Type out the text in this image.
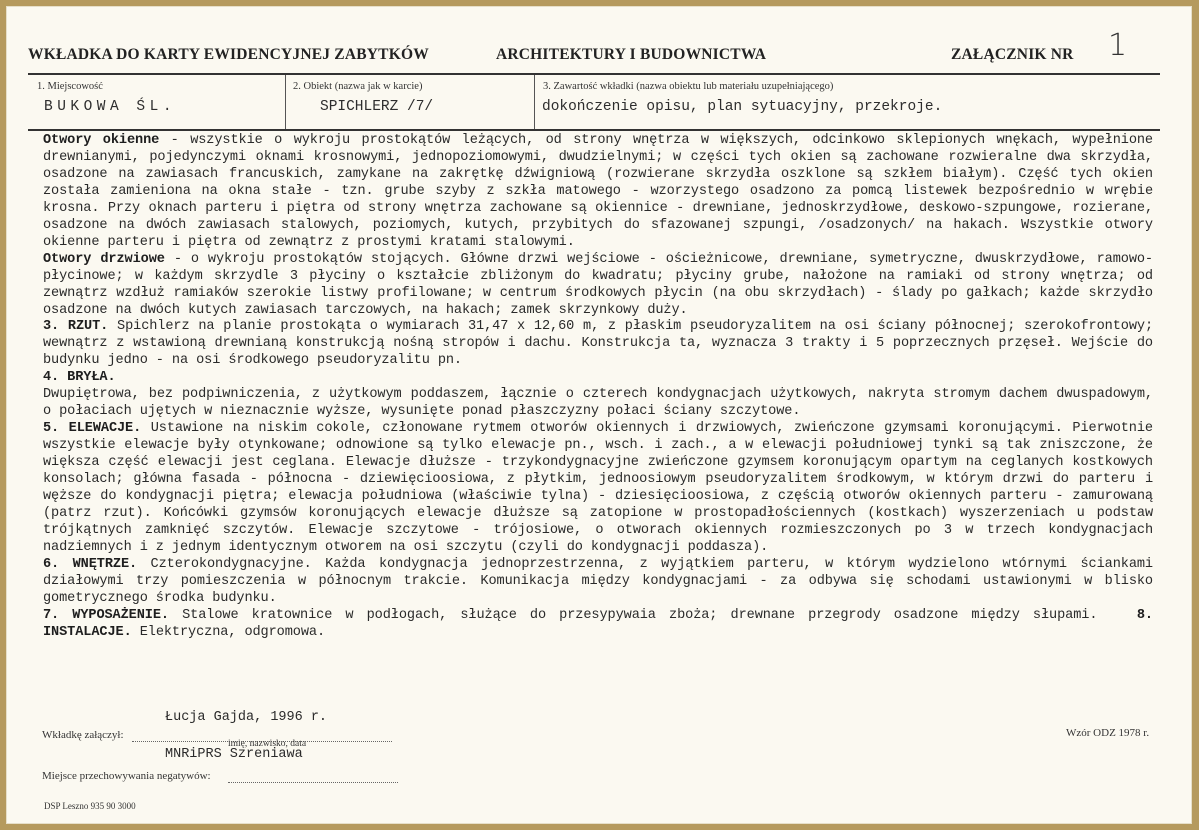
WKŁADKA DO KARTY EWIDENCYJNEJ ZABYTKÓW	ARCHITEKTURY I BUDOWNICTWA	ZAŁĄCZNIK NR 1
1. Miejscowość
BUKOWA ŚL.
2. Obiekt (nazwa jak w karcie)
SPICHLERZ /7/
3. Zawartość wkładki (nazwa obiektu lub materiału uzupełniającego)
dokończenie opisu, plan sytuacyjny, przekroje.

Otwory okienne - wszystkie o wykroju prostokątów leżących, od strony wnętrza w większych, odcinkowo sklepionych wnękach, wypełnione drewnianymi, pojedynczymi oknami krosnowymi, jednopoziomowymi, dwudzielnymi; w części tych okien są zachowane rozwieralne dwa skrzydła, osadzone na zawiasach francuskich, zamykane na zakrętkę dźwigniową (rozwierane skrzydła oszklone są szkłem białym). Część tych okien została zamieniona na okna stałe - tzn. grube szyby z szkła matowego - wzorzystego osadzono za pomcą listewek bezpośrednio w wrębie krosna. Przy oknach parteru i piętra od strony wnętrza zachowane są okiennice - drewniane, jednoskrzydłowe, deskowo-szpungowe, rozierane, osadzone na dwóch zawiasach stalowych, poziomych, kutych, przybitych do sfazowanej szpungi, /osadzonych/ na hakach. Wszystkie otwory okienne parteru i piętra od zewnątrz z prostymi kratami stalowymi.

Otwory drzwiowe - o wykroju prostokątów stojących. Główne drzwi wejściowe - ościeżnicowe, drewniane, symetryczne, dwuskrzydłowe, ramowo-płycinowe; w każdym skrzydle 3 płyciny o kształcie zbliżonym do kwadratu; płyciny grube, nałożone na ramiaki od strony wnętrza; od zewnątrz wzdłuż ramiaków szerokie listwy profilowane; w centrum środkowych płycin (na obu skrzydłach) - ślady po gałkach; każde skrzydło osadzone na dwóch kutych zawiasach tarczowych, na hakach; zamek skrzynkowy duży.

3. RZUT. Spichlerz na planie prostokąta o wymiarach 31,47 x 12,60 m, z płaskim pseudoryzalitem na osi ściany północnej; szerokofrontowy; wewnątrz z wstawioną drewnianą konstrukcją nośną stropów i dachu. Konstrukcja ta, wyznacza 3 trakty i 5 poprzecznych przęseł. Wejście do budynku jedno - na osi środkowego pseudoryzalitu pn.

4. BRYŁA.

Dwupiętrowa, bez podpiwniczenia, z użytkowym poddaszem, łącznie o czterech kondygnacjach użytkowych, nakryta stromym dachem dwuspadowym, o połaciach ujętych w nieznacznie wyższe, wysunięte ponad płaszczyzny połaci ściany szczytowe.

5. ELEWACJE. Ustawione na niskim cokole, członowane rytmem otworów okiennych i drzwiowych, zwieńczone gzymsami koronującymi. Pierwotnie wszystkie elewacje były otynkowane; odnowione są tylko elewacje pn., wsch. i zach., a w elewacji południowej tynki są tak zniszczone, że większa część elewacji jest ceglana. Elewacje dłuższe - trzykondygnacyjne zwieńczone gzymsem koronującym opartym na ceglanych kostkowych konsolach; główna fasada - północna - dziewięcioosiowa, z płytkim, jednoosiowym pseudoryzalitem środkowym, w którym drzwi do parteru i węższe do kondygnacji piętra; elewacja południowa (właściwie tylna) - dziesięcioosiowa, z częścią otworów okiennych parteru - zamurowaną (patrz rzut). Końcówki gzymsów koronujących elewacje dłuższe są zatopione w prostopadłościennych (kostkach) wyszerzeniach u podstaw trójkątnych zamknięć szczytów. Elewacje szczytowe - trójosiowe, o otworach okiennych rozmieszczonych po 3 w trzech kondygnacjach nadziemnych i z jednym identycznym otworem na osi szczytu (czyli do kondygnacji poddasza).

6. WNĘTRZE. Czterokondygnacyjne. Każda kondygnacja jednoprzestrzenna, z wyjątkiem parteru, w którym wydzielono wtórnymi ściankami działowymi trzy pomieszczenia w północnym trakcie. Komunikacja między kondygnacjami - za odbywa się schodami ustawionymi w blisko gometrycznego środka budynku.

7. WYPOSAŻENIE. Stalowe kratownice w podłogach, służące do przesypywaia zboża; drewnane przegrody osadzone między słupami.	8. INSTALACJE. Elektryczna, odgromowa.

Łucja Gajda, 1996 r.
Wkładkę załączył:
imię, nazwisko, data
MNRiPRS Szreniawa
Wzór ODZ 1978 r.
Miejsce przechowywania negatywów:
DSP Leszno 935 90 3000
